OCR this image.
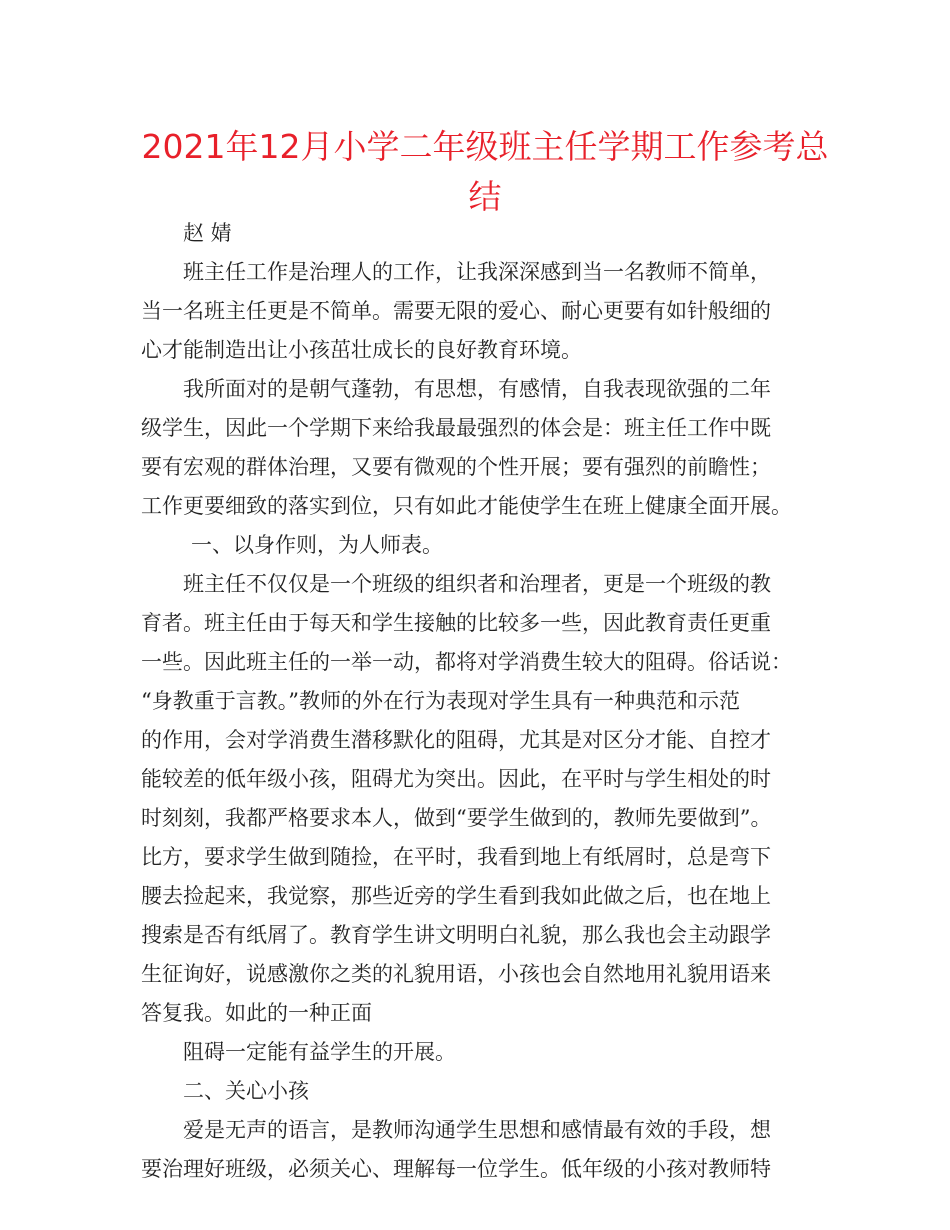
2021年12月小学二年级班主任学期工作参考总结
赵 婧
班主任工作是治理人的工作，让我深深感到当一名教师不简单，
当一名班主任更是不简单。需要无限的爱心、耐心更要有如针般细的
心才能制造出让小孩茁壮成长的良好教育环境。
我所面对的是朝气蓬勃，有思想，有感情，自我表现欲强的二年
级学生，因此一个学期下来给我最最强烈的体会是：班主任工作中既
要有宏观的群体治理，又要有微观的个性开展；要有强烈的前瞻性；
工作更要细致的落实到位，只有如此才能使学生在班上健康全面开展。
一、以身作则，为人师表。
班主任不仅仅是一个班级的组织者和治理者，更是一个班级的教
育者。班主任由于每天和学生接触的比较多一些，因此教育责任更重
一些。因此班主任的一举一动，都将对学消费生较大的阻碍。俗话说：
“身教重于言教。”教师的外在行为表现对学生具有一种典范和示范
的作用，会对学消费生潜移默化的阻碍，尤其是对区分才能、自控才
能较差的低年级小孩，阻碍尤为突出。因此，在平时与学生相处的时
时刻刻，我都严格要求本人，做到“要学生做到的，教师先要做到”。
比方，要求学生做到随捡，在平时，我看到地上有纸屑时，总是弯下
腰去捡起来，我觉察，那些近旁的学生看到我如此做之后，也在地上
搜索是否有纸屑了。教育学生讲文明明白礼貌，那么我也会主动跟学
生征询好，说感激你之类的礼貌用语，小孩也会自然地用礼貌用语来
答复我。如此的一种正面
阻碍一定能有益学生的开展。
二、关心小孩
爱是无声的语言，是教师沟通学生思想和感情最有效的手段，想
要治理好班级，必须关心、理解每一位学生。低年级的小孩对教师特
